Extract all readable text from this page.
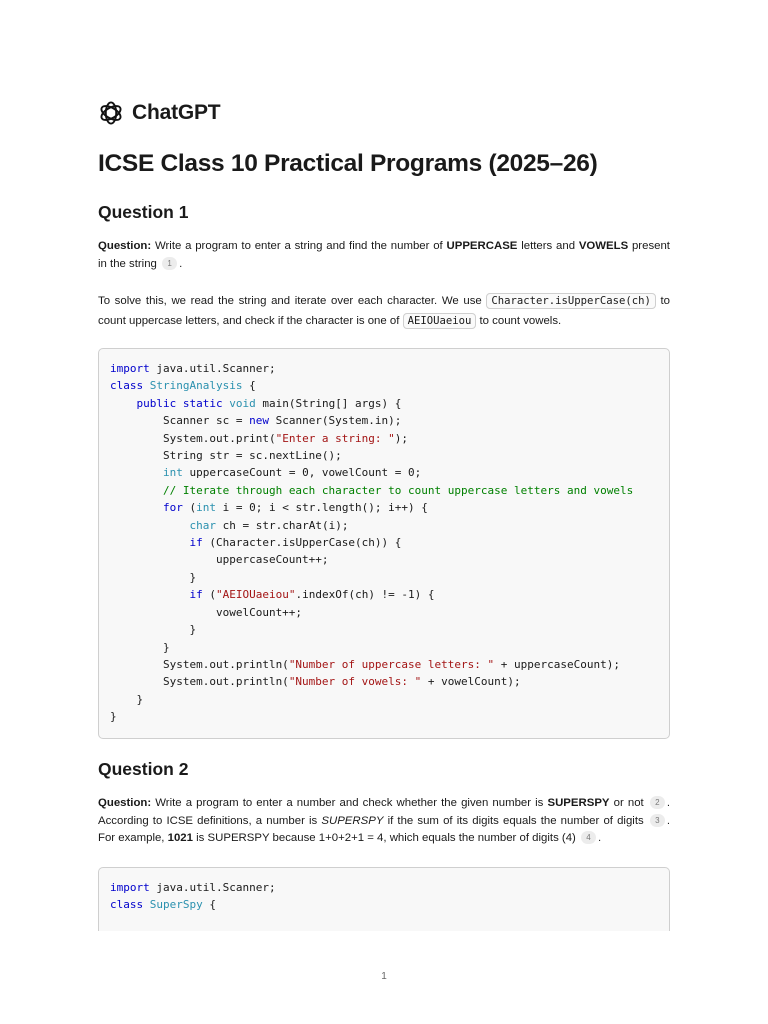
ChatGPT
ICSE Class 10 Practical Programs (2025–26)
Question 1

Question: Write a program to enter a string and find the number of UPPERCASE letters and VOWELS present in the string 1 .

To solve this, we read the string and iterate over each character. We use Character.isUpperCase(ch) to count uppercase letters, and check if the character is one of AEIOUaeiou to count vowels.

import java.util.Scanner;
class StringAnalysis {
public static void main(String[] args) {
Scanner sc = new Scanner(System.in);
System.out.print("Enter a string: ");
String str = sc.nextLine();
int uppercaseCount = 0, vowelCount = 0;
// Iterate through each character to count uppercase letters and vowels
for (int i = 0; i < str.length(); i++) {
char ch = str.charAt(i);
if (Character.isUpperCase(ch)) {
uppercaseCount++;
}
if ("AEIOUaeiou".indexOf(ch) != -1) {
vowelCount++;
}
}
System.out.println("Number of uppercase letters: " + uppercaseCount);
System.out.println("Number of vowels: " + vowelCount);
}
}
Question 2

Question: Write a program to enter a number and check whether the given number is SUPERSPY or not 2 . According to ICSE definitions, a number is SUPERSPY if the sum of its digits equals the number of digits 3 . For example, 1021 is SUPERSPY because 1+0+2+1 = 4, which equals the number of digits (4) 4 .

import java.util.Scanner;
class SuperSpy {
1
